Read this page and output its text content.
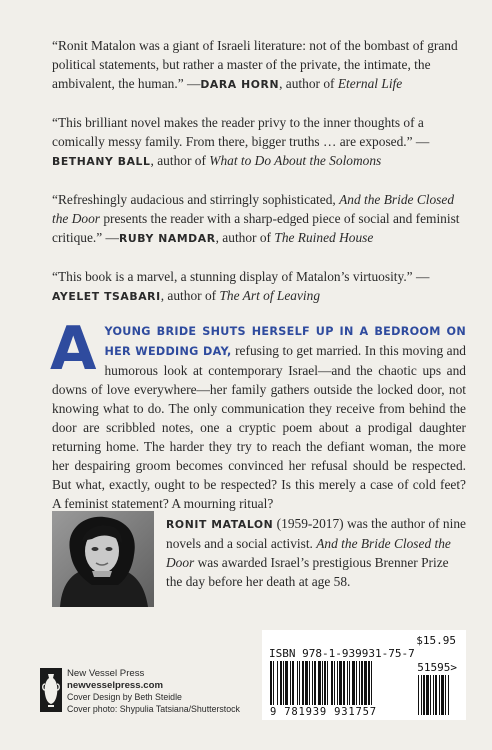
“Ronit Matalon was a giant of Israeli literature: not of the bombast of grand political statements, but rather a master of the private, the intimate, the ambivalent, the human.” —DARA HORN, author of Eternal Life

“This brilliant novel makes the reader privy to the inner thoughts of a comically messy family. From there, bigger truths … are exposed.” —BETHANY BALL, author of What to Do About the Solomons

“Refreshingly audacious and stirringly sophisticated, And the Bride Closed the Door presents the reader with a sharp-edged piece of social and feminist critique.” —RUBY NAMDAR, author of The Ruined House

“This book is a marvel, a stunning display of Matalon’s virtuosity.” —AYELET TSABARI, author of The Art of Leaving

AYOUNG BRIDE SHUTS HERSELF UP IN A BEDROOM ON HER WEDDING DAY, refusing to get married. In this moving and humorous look at contemporary Israel—and the chaotic ups and downs of love everywhere—her family gathers outside the locked door, not knowing what to do. The only communication they receive from behind the door are scribbled notes, one a cryptic poem about a prodigal daughter returning home. The harder they try to reach the defiant woman, the more her despairing groom becomes convinced her refusal should be respected. But what, exactly, ought to be respected? Is this merely a case of cold feet? A feminist statement? A mourning ritual?
RONIT MATALON (1959-2017) was the author of nine novels and a social activist. And the Bride Closed the Door was awarded Israel’s prestigious Brenner Prize the day before her death at age 58.
$15.95
ISBN 978-1-939931-75-7
51595>
9 781939 931757
New Vessel Press
newvesselpress.com
Cover Design by Beth Steidle
Cover photo: Shypulia Tatsiana/Shutterstock
